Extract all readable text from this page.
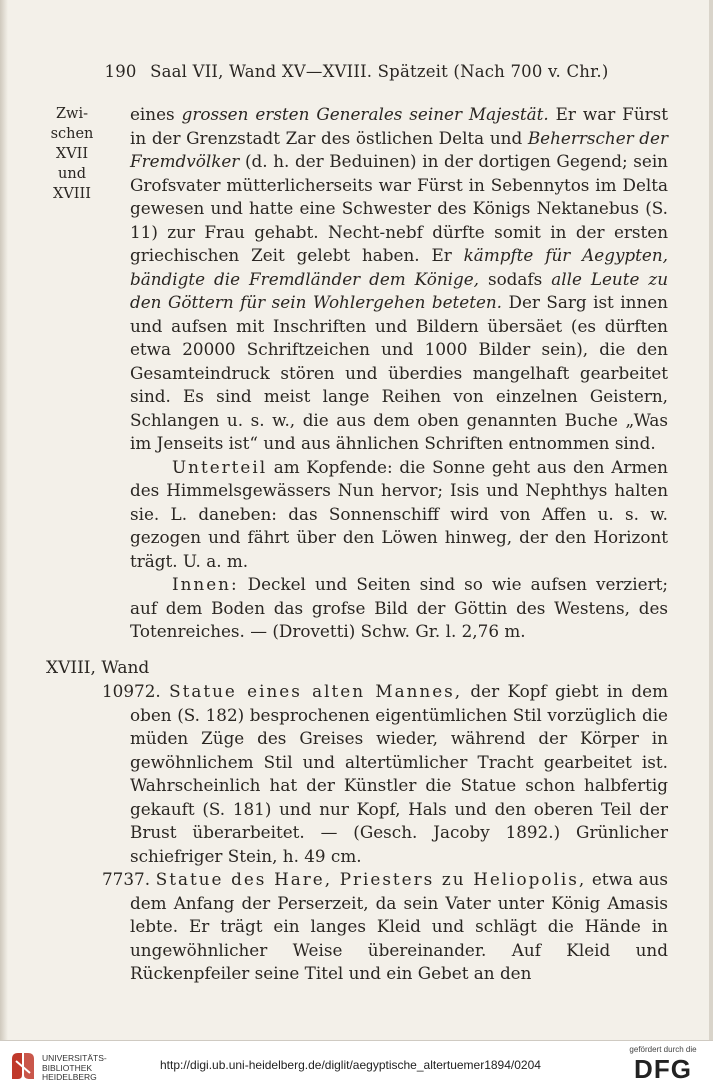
190 Saal VII, Wand XV—XVIII. Spätzeit (Nach 700 v. Chr.)
Zwi-
schen
XVII
und
XVIII

eines grossen ersten Generales seiner Majestät. Er war Fürst in der Grenzstadt Zar des östlichen Delta und Beherrscher der Fremdvölker (d. h. der Beduinen) in der dortigen Gegend; sein Grofsvater mütterlicherseits war Fürst in Sebennytos im Delta gewesen und hatte eine Schwester des Königs Nektanebus (S. 11) zur Frau gehabt. Necht-nebf dürfte somit in der ersten griechischen Zeit gelebt haben. Er kämpfte für Aegypten, bändigte die Fremdländer dem Könige, sodafs alle Leute zu den Göttern für sein Wohlergehen beteten. Der Sarg ist innen und aufsen mit Inschriften und Bildern übersäet (es dürften etwa 20000 Schriftzeichen und 1000 Bilder sein), die den Gesamteindruck stören und überdies mangelhaft gearbeitet sind. Es sind meist lange Reihen von einzelnen Geistern, Schlangen u. s. w., die aus dem oben genannten Buche „Was im Jenseits ist“ und aus ähnlichen Schriften entnommen sind.

Unterteil am Kopfende: die Sonne geht aus den Armen des Himmelsgewässers Nun hervor; Isis und Nephthys halten sie. L. daneben: das Sonnenschiff wird von Affen u. s. w. gezogen und fährt über den Löwen hinweg, der den Horizont trägt. U. a. m.

Innen: Deckel und Seiten sind so wie aufsen verziert; auf dem Boden das grofse Bild der Göttin des Westens, des Totenreiches. — (Drovetti) Schw. Gr. l. 2,76 m.

XVIII, Wand

10972. Statue eines alten Mannes, der Kopf giebt in dem oben (S. 182) besprochenen eigentümlichen Stil vorzüglich die müden Züge des Greises wieder, während der Körper in gewöhnlichem Stil und altertümlicher Tracht gearbeitet ist. Wahrscheinlich hat der Künstler die Statue schon halbfertig gekauft (S. 181) und nur Kopf, Hals und den oberen Teil der Brust überarbeitet. — (Gesch. Jacoby 1892.) Grünlicher schiefriger Stein, h. 49 cm.

7737. Statue des Hare, Priesters zu Heliopolis, etwa aus dem Anfang der Perserzeit, da sein Vater unter König Amasis lebte. Er trägt ein langes Kleid und schlägt die Hände in ungewöhnlicher Weise übereinander. Auf Kleid und Rückenpfeiler seine Titel und ein Gebet an den

UNIVERSITÄTS-
BIBLIOTHEK
HEIDELBERG
http://digi.ub.uni-heidelberg.de/diglit/aegyptische_altertuemer1894/0204
gefördert durch die
DFG
